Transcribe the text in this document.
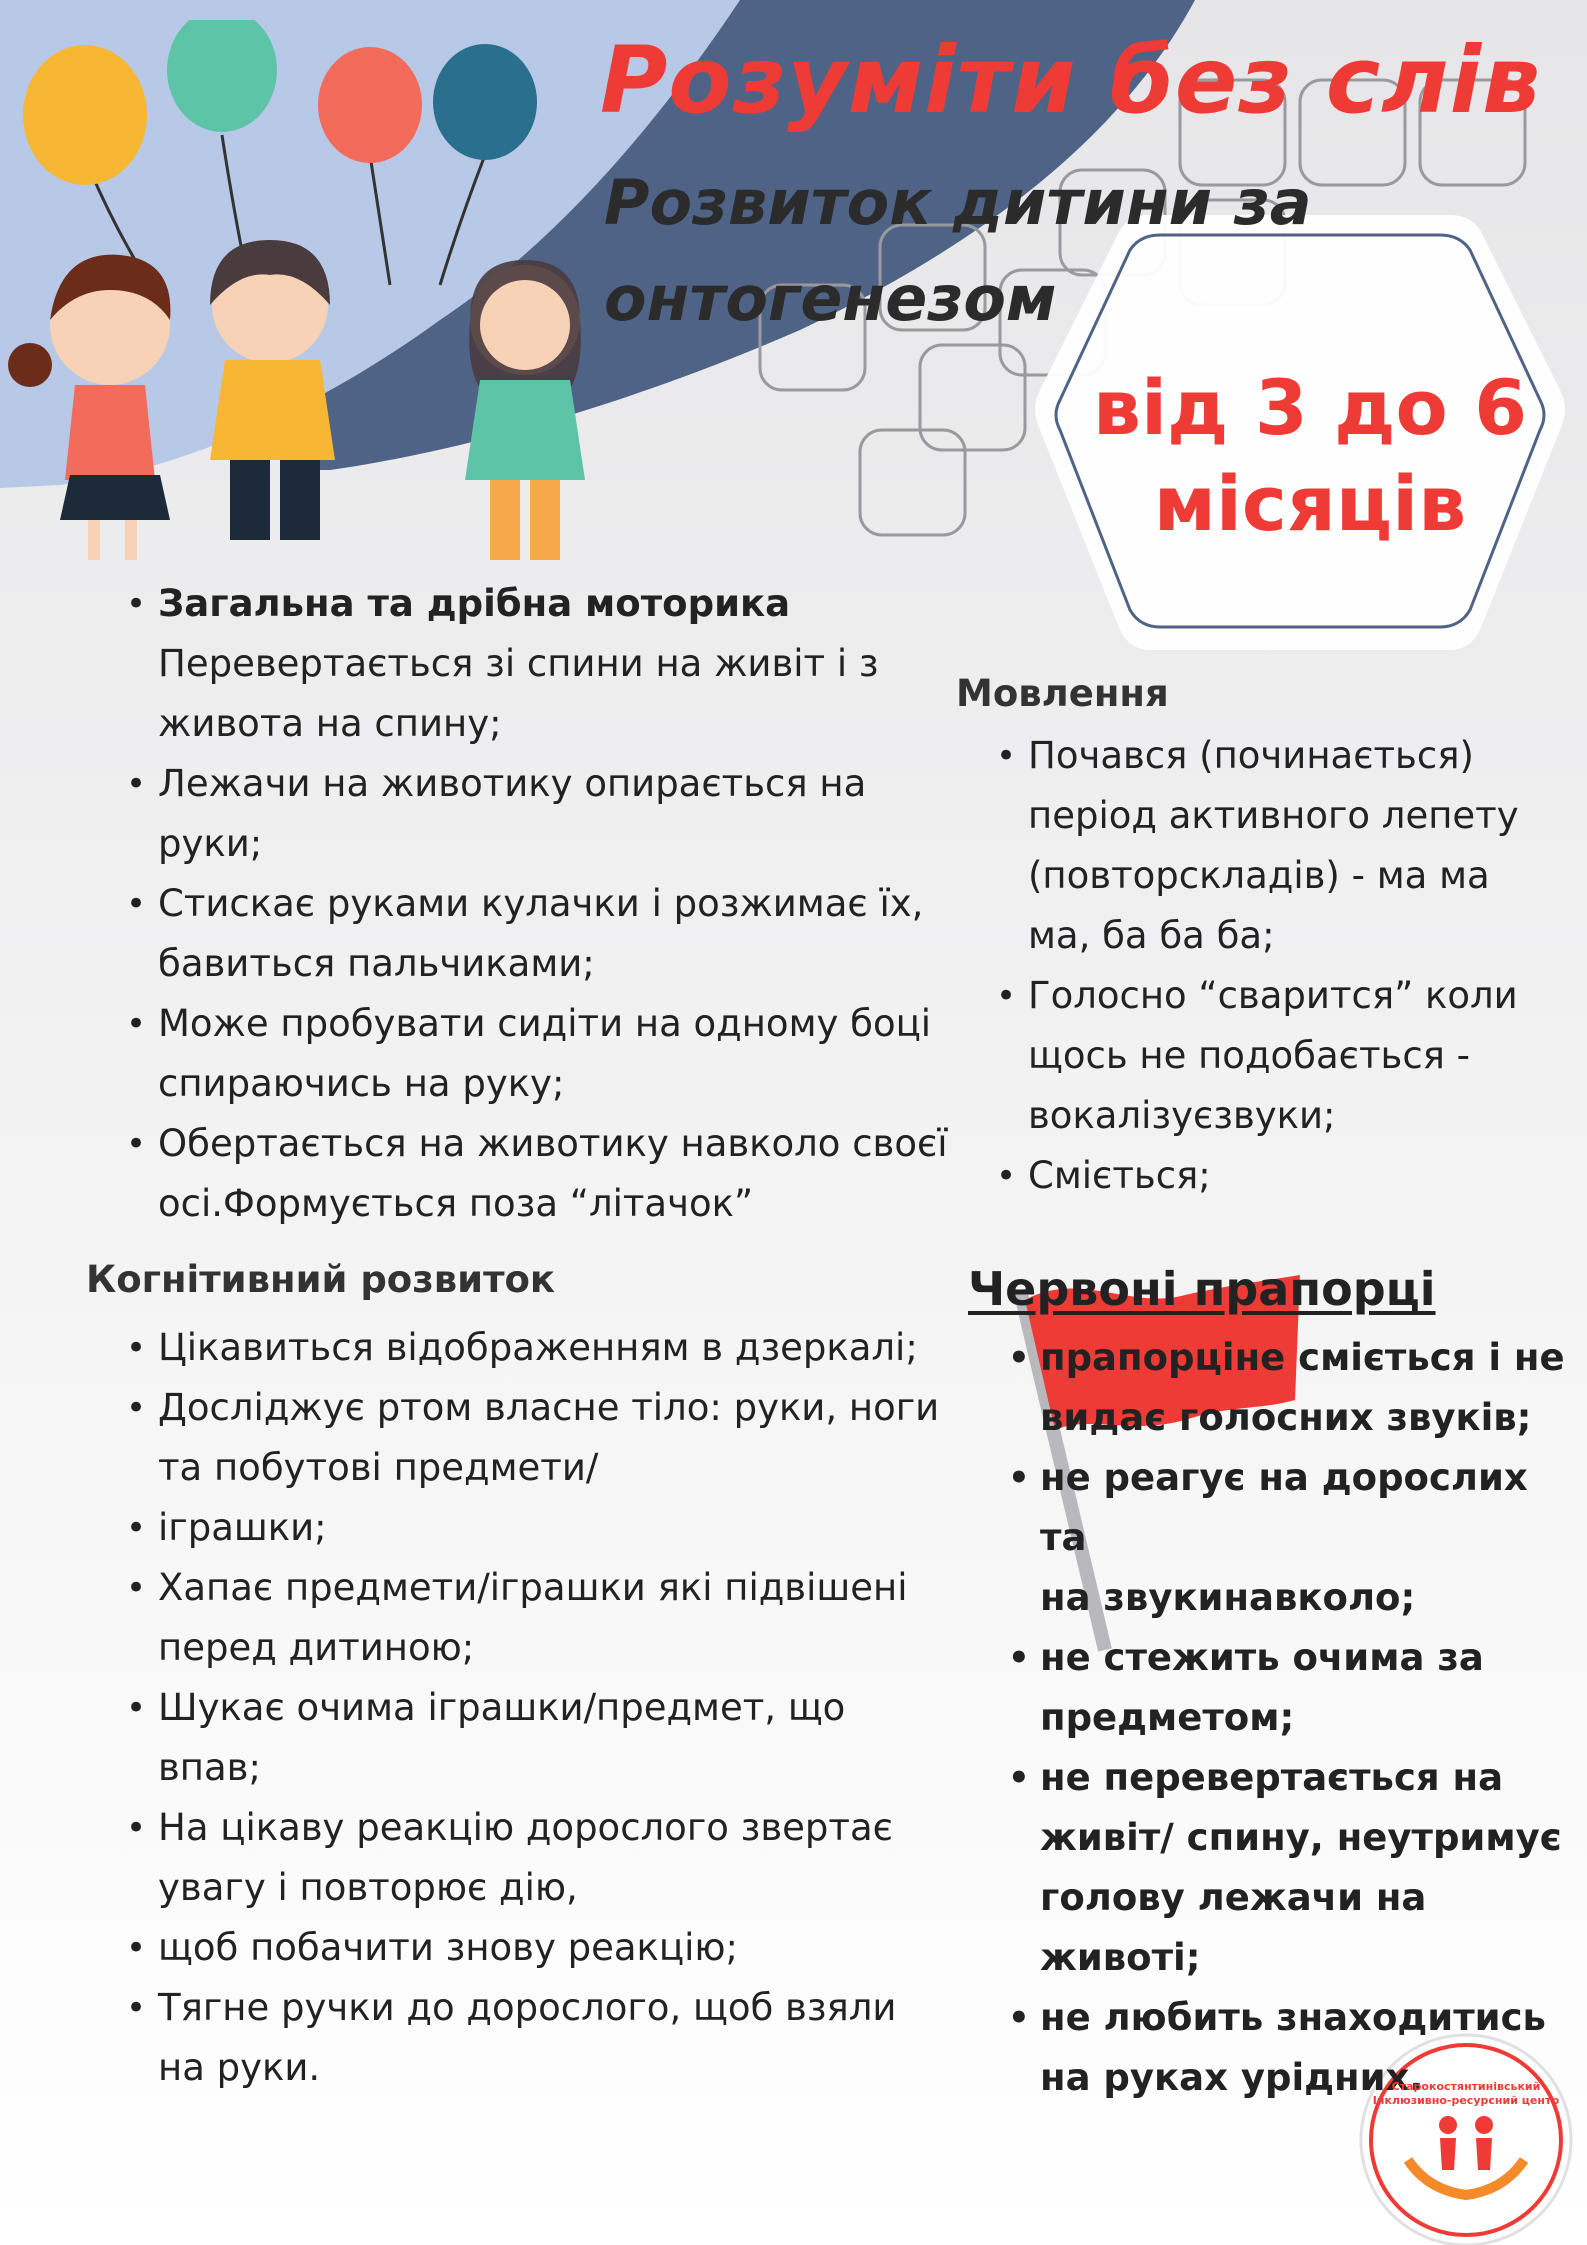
Старокостянтинівський Інклюзивно-ресурсний центр
Розуміти без слів
Розвиток дитини за
онтогенезом
від 3 до 6
місяців
• Загальна та дрібна моторика
Перевертається зі спини на живіт і з
живота на спину;
• Лежачи на животику опирається на
руки;
• Стискає руками кулачки і розжимає їх,
бавиться пальчиками;
• Може пробувати сидіти на одному боці
спираючись на руку;
• Обертається на животику навколо своєї
осі.Формується поза “літачок”
Мовлення
• Почався (починається)
період активного лепету
(повторскладів) - ма ма
ма, ба ба ба;
• Голосно “сварится” коли
щось не подобається -
вокалізуєзвуки;
• Сміється;
Когнітивний розвиток
• Цікавиться відображенням в дзеркалі;
• Досліджує ртом власне тіло: руки, ноги
та побутові предмети/
• іграшки;
• Хапає предмети/іграшки які підвішені
перед дитиною;
• Шукає очима іграшки/предмет, що
впав;
• На цікаву реакцію дорослого звертає
увагу і повторює дію,
• щоб побачити знову реакцію;
• Тягне ручки до дорослого, щоб взяли
на руки.
Червоні прапорці
• прапорціне сміється і не
видає голосних звуків;
• не реагує на дорослих та
на звукинавколо;
• не стежить очима за
предметом;
• не перевертається на
живіт/ спину, неутримує
голову лежачи на животі;
• не любить знаходитись
на руках урідних.
